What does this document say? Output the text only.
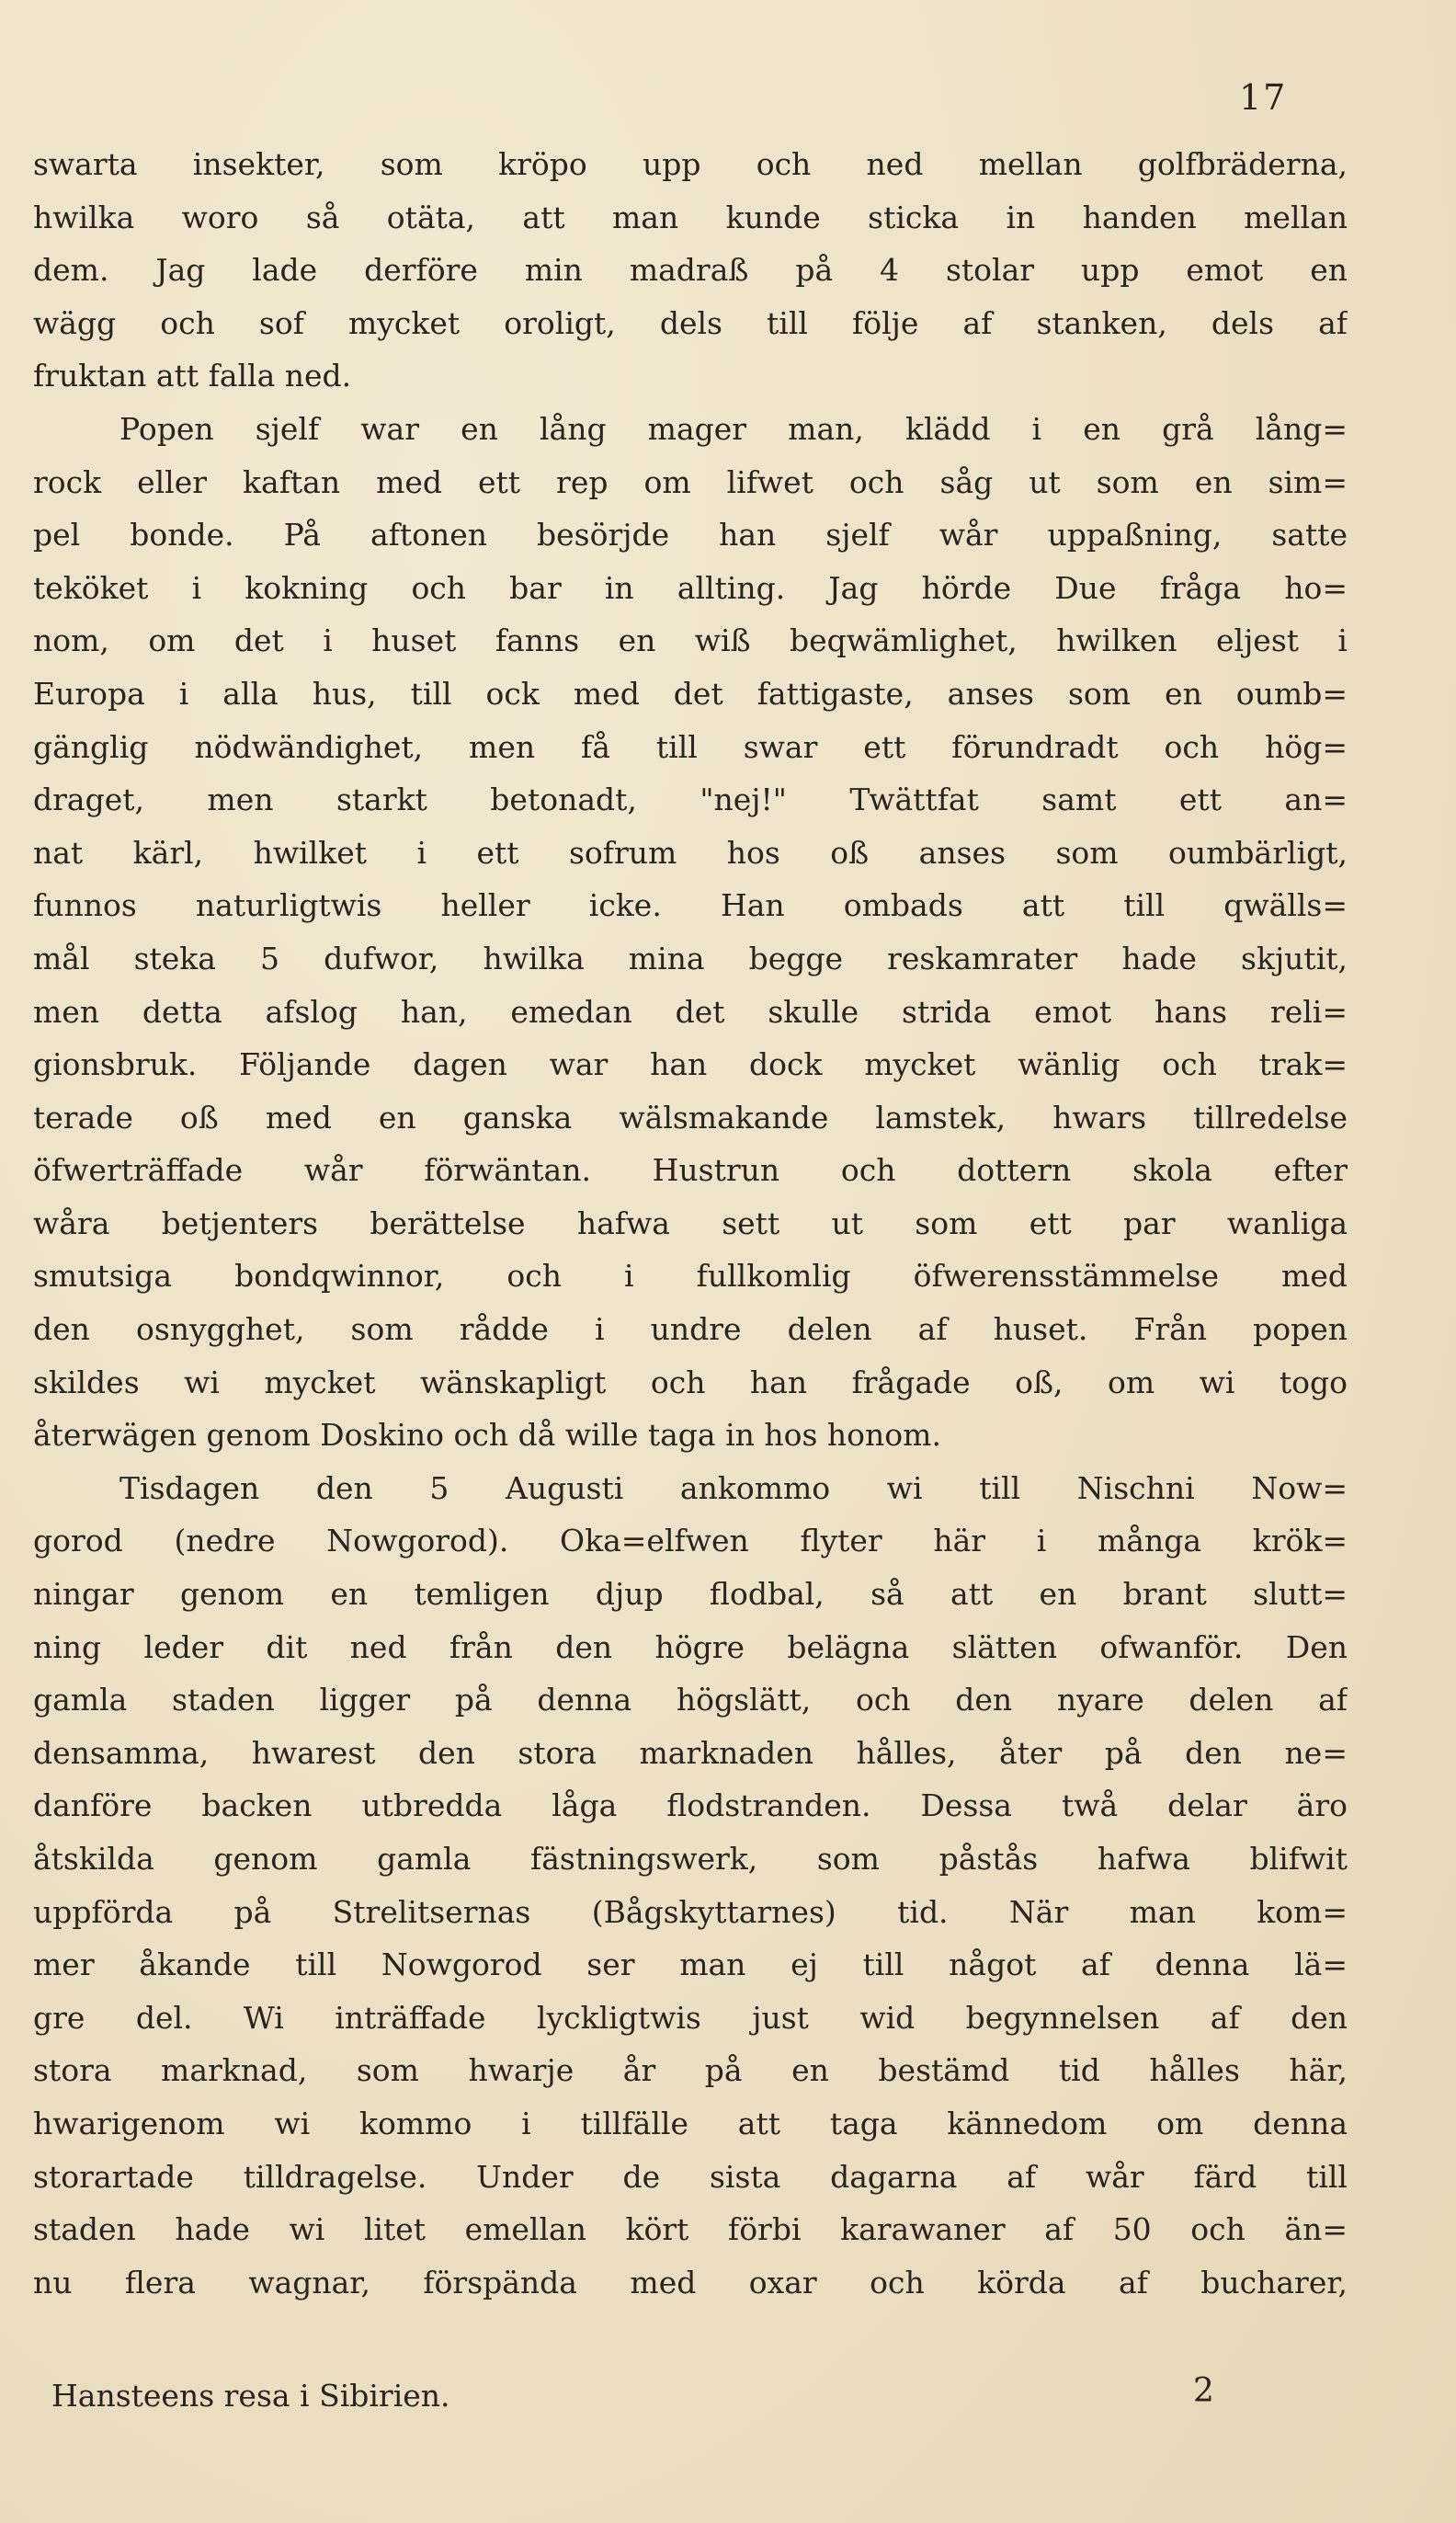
17
swarta insekter, som kröpo upp och ned mellan golfbräderna,
hwilka woro så otäta, att man kunde sticka in handen mellan
dem. Jag lade derföre min madraß på 4 stolar upp emot en
wägg och sof mycket oroligt, dels till följe af stanken, dels af
fruktan att falla ned.
Popen sjelf war en lång mager man, klädd i en grå lång=
rock eller kaftan med ett rep om lifwet och såg ut som en sim=
pel bonde. På aftonen besörjde han sjelf wår uppaßning, satte
teköket i kokning och bar in allting. Jag hörde Due fråga ho=
nom, om det i huset fanns en wiß beqwämlighet, hwilken eljest i
Europa i alla hus, till ock med det fattigaste, anses som en oumb=
gänglig nödwändighet, men få till swar ett förundradt och hög=
draget, men starkt betonadt, "nej!" Twättfat samt ett an=
nat kärl, hwilket i ett sofrum hos oß anses som oumbärligt,
funnos naturligtwis heller icke. Han ombads att till qwälls=
mål steka 5 dufwor, hwilka mina begge reskamrater hade skjutit,
men detta afslog han, emedan det skulle strida emot hans reli=
gionsbruk. Följande dagen war han dock mycket wänlig och trak=
terade oß med en ganska wälsmakande lamstek, hwars tillredelse
öfwerträffade wår förwäntan. Hustrun och dottern skola efter
wåra betjenters berättelse hafwa sett ut som ett par wanliga
smutsiga bondqwinnor, och i fullkomlig öfwerensstämmelse med
den osnygghet, som rådde i undre delen af huset. Från popen
skildes wi mycket wänskapligt och han frågade oß, om wi togo
återwägen genom Doskino och då wille taga in hos honom.
Tisdagen den 5 Augusti ankommo wi till Nischni Now=
gorod (nedre Nowgorod). Oka=elfwen flyter här i många krök=
ningar genom en temligen djup flodbal, så att en brant slutt=
ning leder dit ned från den högre belägna slätten ofwanför. Den
gamla staden ligger på denna högslätt, och den nyare delen af
densamma, hwarest den stora marknaden hålles, åter på den ne=
danföre backen utbredda låga flodstranden. Dessa twå delar äro
åtskilda genom gamla fästningswerk, som påstås hafwa blifwit
uppförda på Strelitsernas (Bågskyttarnes) tid. När man kom=
mer åkande till Nowgorod ser man ej till något af denna lä=
gre del. Wi inträffade lyckligtwis just wid begynnelsen af den
stora marknad, som hwarje år på en bestämd tid hålles här,
hwarigenom wi kommo i tillfälle att taga kännedom om denna
storartade tilldragelse. Under de sista dagarna af wår färd till
staden hade wi litet emellan kört förbi karawaner af 50 och än=
nu flera wagnar, förspända med oxar och körda af bucharer,
Hansteens resa i Sibirien.	2
